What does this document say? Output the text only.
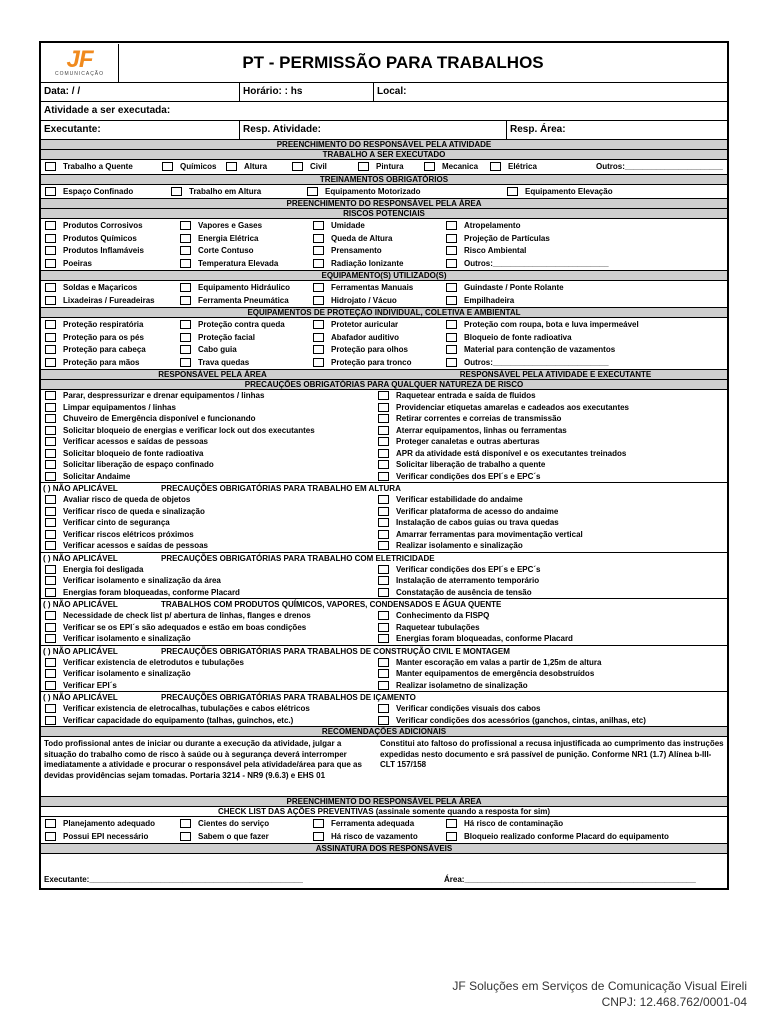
JF
COMUNICAÇÃO
PT - PERMISSÃO PARA TRABALHOS
Data: / /	Horário: : hs	Local:
Atividade a ser executada:
Executante:	Resp. Atividade:	Resp. Área:
PREENCHIMENTO DO RESPONSÁVEL PELA ATIVIDADE
TRABALHO A SER EXECUTADO
Trabalho a Quente	Químicos	Altura	Civil	Pintura	Mecanica	Elétrica	Outros:______________________
TREINAMENTOS OBRIGATÓRIOS
Espaço Confinado	Trabalho em Altura	Equipamento Motorizado	Equipamento Elevação
PREENCHIMENTO DO RESPONSÁVEL PELA ÁREA
RISCOS POTENCIAIS
Produtos Corrosivos	Vapores e Gases	Umidade	Atropelamento
Produtos Químicos	Energia Elétrica	Queda de Altura	Projeção de Partículas
Produtos Inflamáveis	Corte Contuso	Prensamento	Risco Ambiental
Poeiras	Temperatura Elevada	Radiação Ionizante	Outros:__________________________
EQUIPAMENTO(S) UTILIZADO(S)
Soldas e Maçaricos	Equipamento Hidráulico	Ferramentas Manuais	Guindaste / Ponte Rolante
Lixadeiras / Fureadeiras	Ferramenta Pneumática	Hidrojato / Vácuo	Empilhadeira
EQUIPAMENTOS DE PROTEÇÃO INDIVIDUAL, COLETIVA E AMBIENTAL
Proteção respiratória	Proteção contra queda	Protetor auricular	Proteção com roupa, bota e luva impermeável
Proteção para os pés	Proteção facial	Abafador auditivo	Bloqueio de fonte radioativa
Proteção para cabeça	Cabo guia	Proteção para olhos	Material para contenção de vazamentos
Proteção para mãos	Trava quedas	Proteção para tronco	Outros:__________________________
RESPONSÁVEL PELA ÁREA	RESPONSÁVEL PELA ATIVIDADE E EXECUTANTE
PRECAUÇÕES OBRIGATÓRIAS PARA QUALQUER NATUREZA DE RISCO
Parar, despressurizar e drenar equipamentos / linhas	Raquetear entrada e saída de fluidos
Limpar equipamentos / linhas	Providenciar etiquetas amarelas e cadeados aos executantes
Chuveiro de Emergência disponível e funcionando	Retirar correntes e correias de transmissão
Solicitar bloqueio de energias e verificar lock out dos executantes	Aterrar equipamentos, linhas ou ferramentas
Verificar acessos e saídas de pessoas	Proteger canaletas e outras aberturas
Solicitar bloqueio de fonte radioativa	APR da atividade está disponível e os executantes treinados
Solicitar liberação de espaço confinado	Solicitar liberação de trabalho a quente
Solicitar Andaime	Verificar condições dos EPI´s e EPC´s
( ) NÃO APLICÁVEL	PRECAUÇÕES OBRIGATÓRIAS PARA TRABALHO EM ALTURA
Avaliar risco de queda de objetos	Verificar estabilidade do andaime
Verificar risco de queda e sinalização	Verificar plataforma de acesso do andaime
Verificar cinto de segurança	Instalação de cabos guias ou trava quedas
Verificar riscos elétricos próximos	Amarrar ferramentas para movimentação vertical
Verificar acessos e saídas de pessoas	Realizar isolamento e sinalização
( ) NÃO APLICÁVEL	PRECAUÇÕES OBRIGATÓRIAS PARA TRABALHO COM ELETRICIDADE
Energia foi desligada	Verificar condições dos EPI´s e EPC´s
Verificar isolamento e sinalização da área	Instalação de aterramento temporário
Energias foram bloqueadas, conforme Placard	Constatação de ausência de tensão
( ) NÃO APLICÁVEL	TRABALHOS COM PRODUTOS QUÍMICOS, VAPORES, CONDENSADOS E ÁGUA QUENTE
Necessidade de check list p/ abertura de linhas, flanges e drenos	Conhecimento da FISPQ
Verificar se os EPI´s são adequados e estão em boas condições	Raquetear tubulações
Verificar isolamento e sinalização	Energias foram bloqueadas, conforme Placard
( ) NÃO APLICÁVEL	PRECAUÇÕES OBRIGATÓRIAS PARA TRABALHOS DE CONSTRUÇÃO CIVIL E MONTAGEM
Verificar existencia de eletrodutos e tubulações	Manter escoração em valas a partir de 1,25m de altura
Verificar isolamento e sinalização	Manter equipamentos de emergência desobstruídos
Verificar EPI´s	Realizar isolametno de sinalização
( ) NÃO APLICÁVEL	PRECAUÇÕES OBRIGATÓRIAS PARA TRABALHOS DE IÇAMENTO
Verificar existencia de eletrocalhas, tubulações e cabos elétricos	Verificar condições visuais dos cabos
Verificar capacidade do equipamento (talhas, guinchos, etc.)	Verificar condições dos acessórios (ganchos, cintas, anilhas, etc)
RECOMENDAÇÕES ADICIONAIS
Todo profissional antes de iniciar ou durante a execução da atividade, julgar a situação do trabalho como de risco à saúde ou à segurança deverá interromper imediatamente a atividade e procurar o responsável pela atividade/área para que as devidas providências sejam tomadas. Portaria 3214 - NR9 (9.6.3) e EHS 01
Constitui ato faltoso do profissional a recusa injustificada ao cumprimento das instruções expedidas nesto documento e srá passível de punição. Conforme NR1 (1.7) Alínea b-III-CLT 157/158
PREENCHIMENTO DO RESPONSÁVEL PELA ÁREA
CHECK LIST DAS AÇÕES PREVENTIVAS (assinale somente quando a resposta for sim)
Planejamento adequado	Cientes do serviço	Ferramenta adequada	Há risco de contaminação
Possui EPI necessário	Sabem o que fazer	Há risco de vazamento	Bloqueio realizado conforme Placard do equipamento
ASSINATURA DOS RESPONSÁVEIS
Executante:________________________________________________	Área:____________________________________________________
JF Soluções em Serviços de Comunicação Visual Eireli
CNPJ: 12.468.762/0001-04
